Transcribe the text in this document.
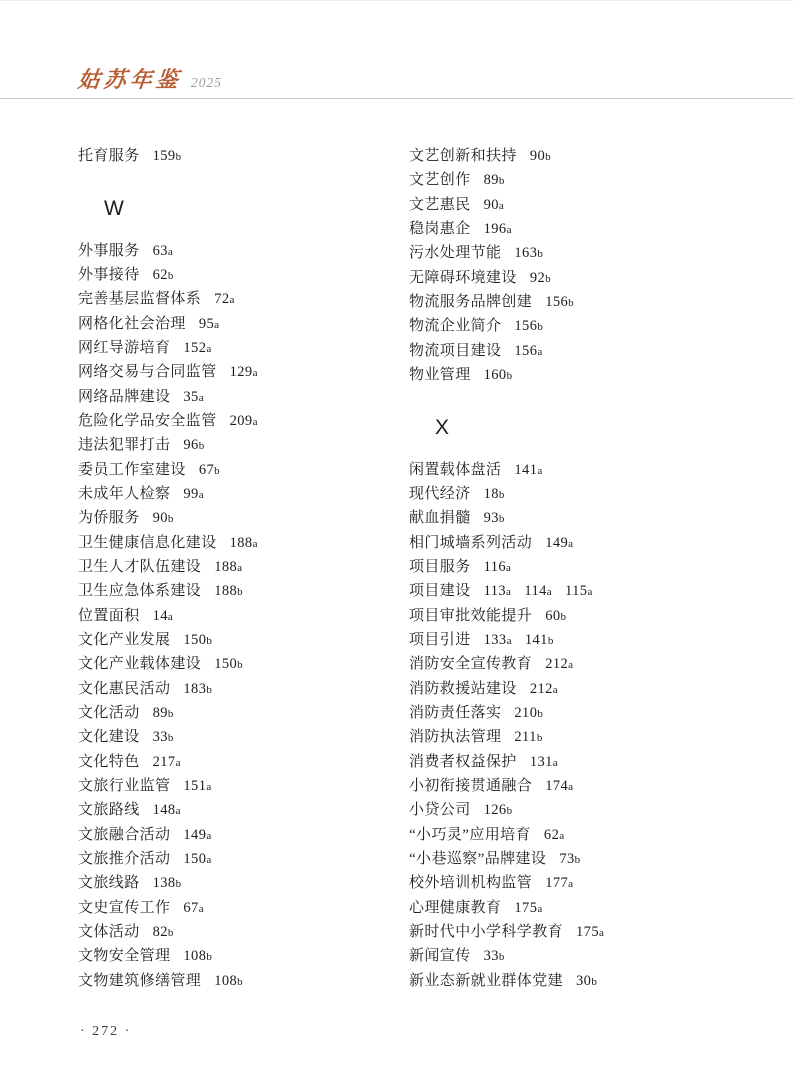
姑苏年鉴 2025
托育服务 159b
W
外事服务 63a
外事接待 62b
完善基层监督体系 72a
网格化社会治理 95a
网红导游培育 152a
网络交易与合同监管 129a
网络品牌建设 35a
危险化学品安全监管 209a
违法犯罪打击 96b
委员工作室建设 67b
未成年人检察 99a
为侨服务 90b
卫生健康信息化建设 188a
卫生人才队伍建设 188a
卫生应急体系建设 188b
位置面积 14a
文化产业发展 150b
文化产业载体建设 150b
文化惠民活动 183b
文化活动 89b
文化建设 33b
文化特色 217a
文旅行业监管 151a
文旅路线 148a
文旅融合活动 149a
文旅推介活动 150a
文旅线路 138b
文史宣传工作 67a
文体活动 82b
文物安全管理 108b
文物建筑修缮管理 108b
文艺创新和扶持 90b
文艺创作 89b
文艺惠民 90a
稳岗惠企 196a
污水处理节能 163b
无障碍环境建设 92b
物流服务品牌创建 156b
物流企业简介 156b
物流项目建设 156a
物业管理 160b
X
闲置载体盘活 141a
现代经济 18b
献血捐髓 93b
相门城墙系列活动 149a
项目服务 116a
项目建设 113a 114a 115a
项目审批效能提升 60b
项目引进 133a 141b
消防安全宣传教育 212a
消防救援站建设 212a
消防责任落实 210b
消防执法管理 211b
消费者权益保护 131a
小初衔接贯通融合 174a
小贷公司 126b
“小巧灵”应用培育 62a
“小巷巡察”品牌建设 73b
校外培训机构监管 177a
心理健康教育 175a
新时代中小学科学教育 175a
新闻宣传 33b
新业态新就业群体党建 30b
· 272 ·
